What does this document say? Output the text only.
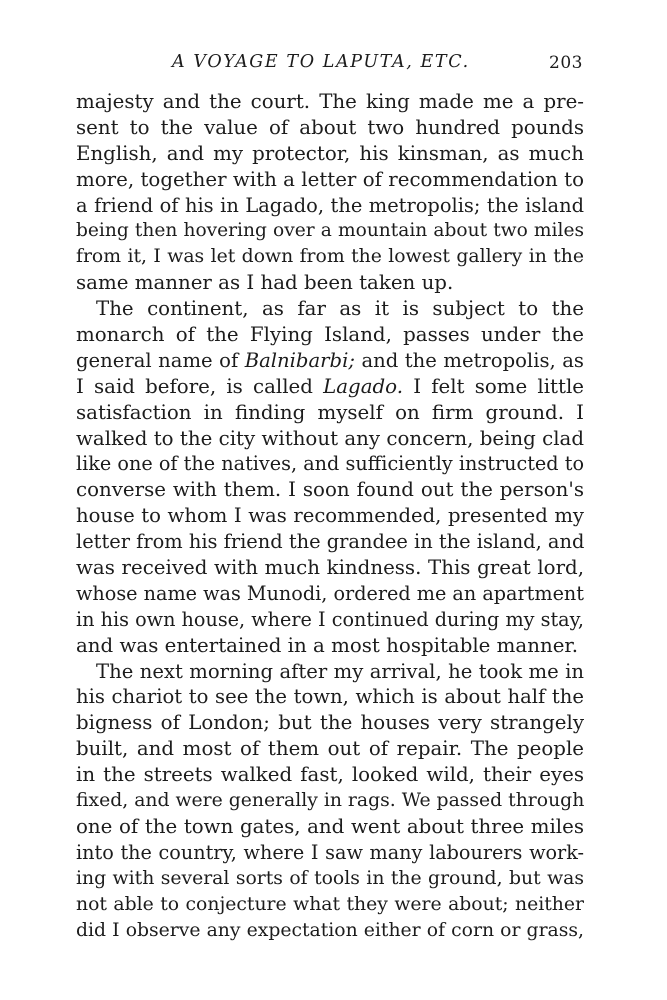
A VOYAGE TO LAPUTA, ETC.	203
majesty and the court. The king made me a pre-
sent to the value of about two hundred pounds
English, and my protector, his kinsman, as much
more, together with a letter of recommendation to
a friend of his in Lagado, the metropolis; the island
being then hovering over a mountain about two miles
from it, I was let down from the lowest gallery in the
same manner as I had been taken up.
The continent, as far as it is subject to the
monarch of the Flying Island, passes under the
general name of Balnibarbi; and the metropolis, as
I said before, is called Lagado. I felt some little
satisfaction in finding myself on firm ground. I
walked to the city without any concern, being clad
like one of the natives, and sufficiently instructed to
converse with them. I soon found out the person's
house to whom I was recommended, presented my
letter from his friend the grandee in the island, and
was received with much kindness. This great lord,
whose name was Munodi, ordered me an apartment
in his own house, where I continued during my stay,
and was entertained in a most hospitable manner.
The next morning after my arrival, he took me in
his chariot to see the town, which is about half the
bigness of London; but the houses very strangely
built, and most of them out of repair. The people
in the streets walked fast, looked wild, their eyes
fixed, and were generally in rags. We passed through
one of the town gates, and went about three miles
into the country, where I saw many labourers work-
ing with several sorts of tools in the ground, but was
not able to conjecture what they were about; neither
did I observe any expectation either of corn or grass,
